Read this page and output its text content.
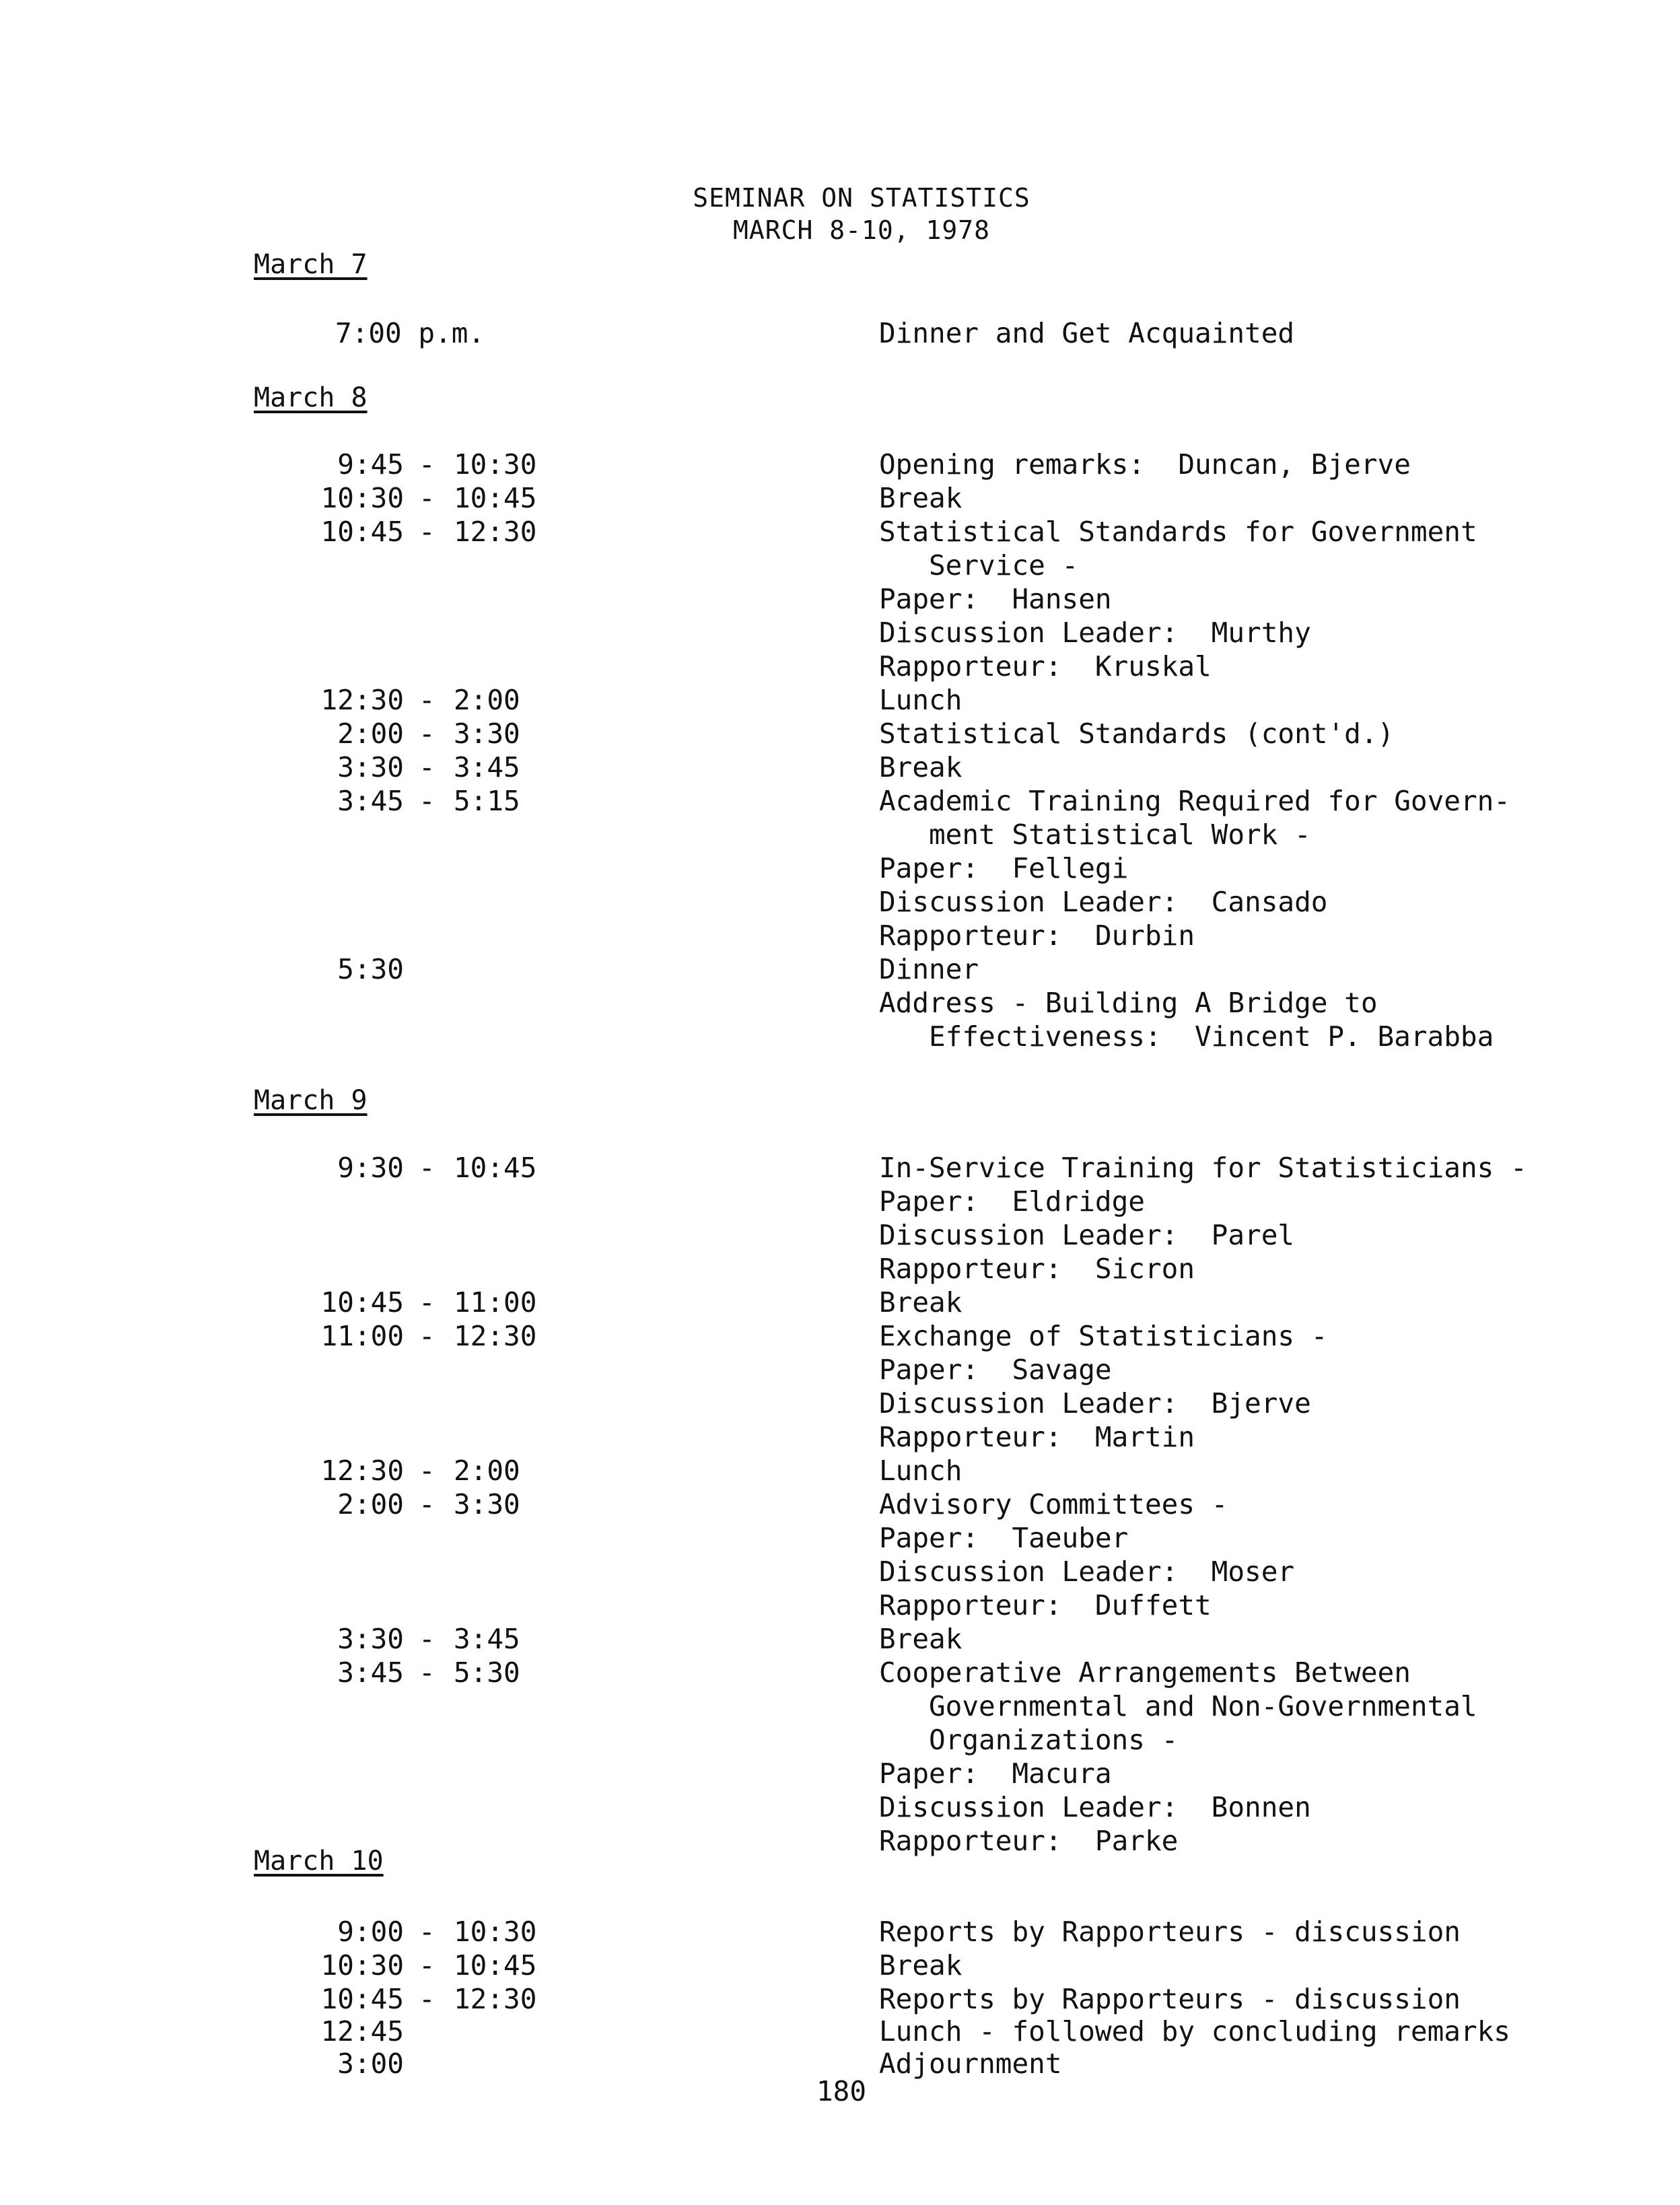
SEMINAR ON STATISTICS
MARCH 8-10, 1978
March 7
7:00 p.m.	Dinner and Get Acquainted
March 8
9:45 - 10:30	Opening remarks:  Duncan, Bjerve
10:30 - 10:45	Break
10:45 - 12:30	Statistical Standards for Government
Service -
Paper:  Hansen
Discussion Leader:  Murthy
Rapporteur:  Kruskal
12:30 - 2:00	Lunch
2:00 - 3:30	Statistical Standards (cont'd.)
3:30 - 3:45	Break
3:45 - 5:15	Academic Training Required for Govern-
ment Statistical Work -
Paper:  Fellegi
Discussion Leader:  Cansado
Rapporteur:  Durbin
5:30	Dinner
Address - Building A Bridge to
Effectiveness:  Vincent P. Barabba
March 9
9:30 - 10:45	In-Service Training for Statisticians -
Paper:  Eldridge
Discussion Leader:  Parel
Rapporteur:  Sicron
10:45 - 11:00	Break
11:00 - 12:30	Exchange of Statisticians -
Paper:  Savage
Discussion Leader:  Bjerve
Rapporteur:  Martin
12:30 - 2:00	Lunch
2:00 - 3:30	Advisory Committees -
Paper:  Taeuber
Discussion Leader:  Moser
Rapporteur:  Duffett
3:30 - 3:45	Break
3:45 - 5:30	Cooperative Arrangements Between
Governmental and Non-Governmental
Organizations -
Paper:  Macura
Discussion Leader:  Bonnen
Rapporteur:  Parke
March 10
9:00 - 10:30	Reports by Rapporteurs - discussion
10:30 - 10:45	Break
10:45 - 12:30	Reports by Rapporteurs - discussion
12:45	Lunch - followed by concluding remarks
3:00	Adjournment
180
